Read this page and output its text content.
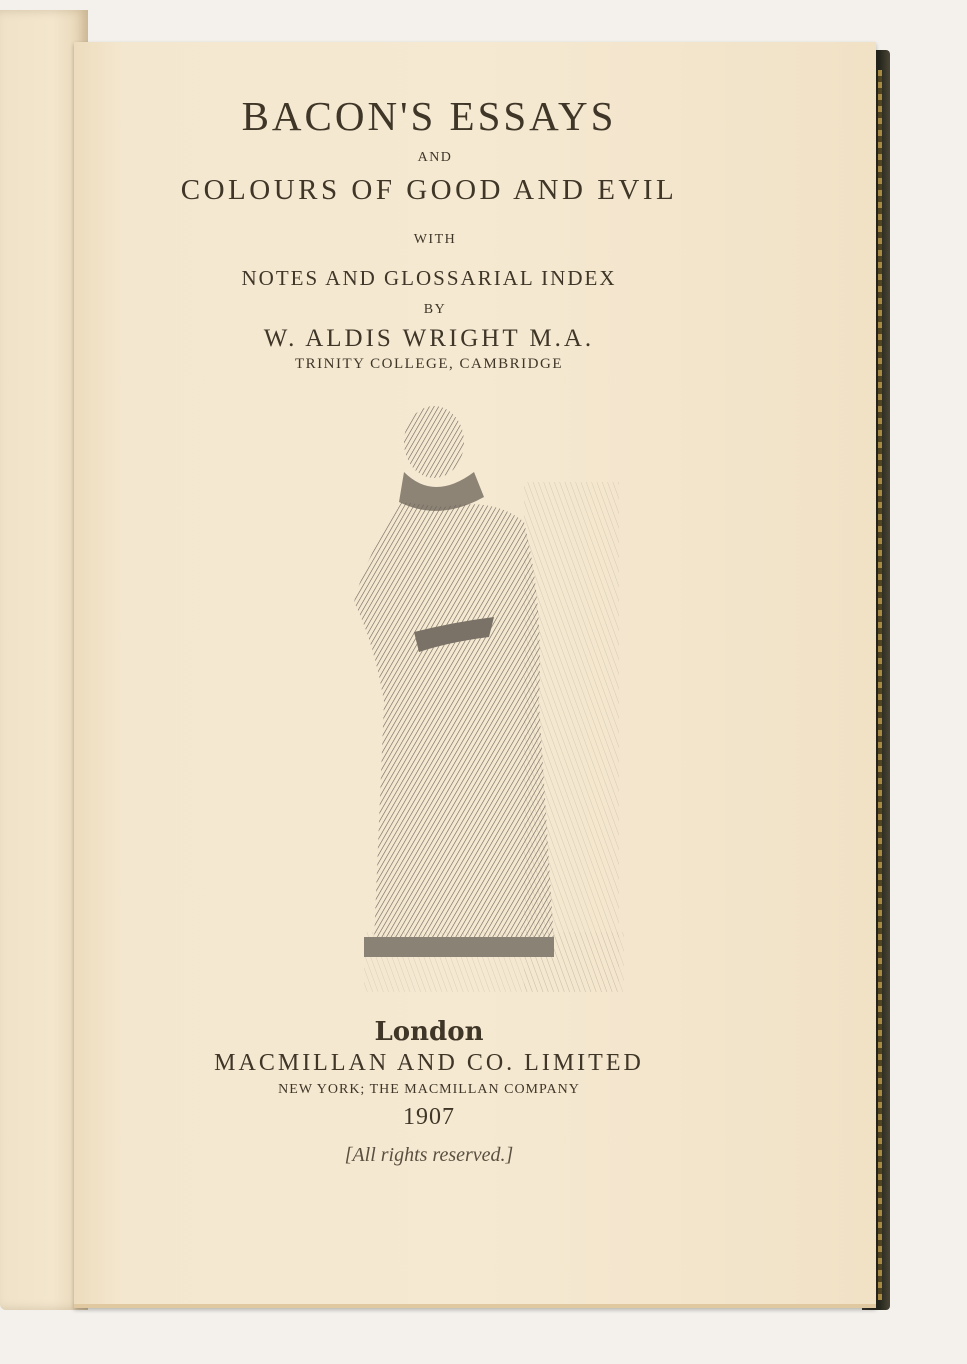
BACON'S ESSAYS
AND
COLOURS OF GOOD AND EVIL
WITH
NOTES AND GLOSSARIAL INDEX
BY
W. ALDIS WRIGHT M.A.
TRINITY COLLEGE, CAMBRIDGE
London
MACMILLAN AND CO. LIMITED
NEW YORK; THE MACMILLAN COMPANY
1907
[All rights reserved.]
